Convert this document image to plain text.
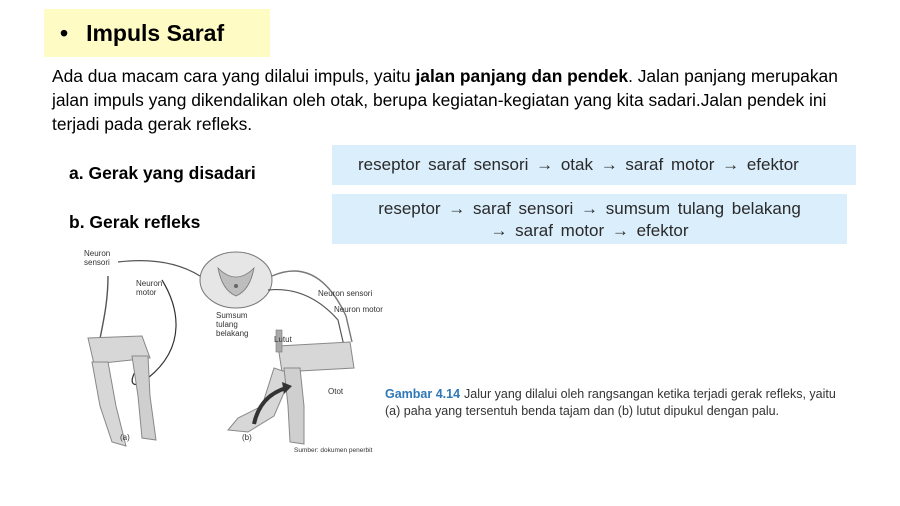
• Impuls Saraf
Ada dua macam cara yang dilalui impuls, yaitu jalan panjang dan pendek. Jalan panjang merupakan jalan impuls yang dikendalikan oleh otak, berupa kegiatan-kegiatan yang kita sadari.Jalan pendek ini terjadi pada gerak refleks.
a. Gerak yang disadari
b. Gerak refleks
reseptor saraf sensori → otak → saraf motor → efektor
reseptor → saraf sensori → sumsum tulang belakang
→ saraf motor → efektor
Neuron
sensori
Neuron
motor
Sumsum
tulang
belakang
Neuron sensori
Neuron motor
Lutut
Otot
(a)	(b)
Sumber: dokumen penerbit
Gambar 4.14 Jalur yang dilalui oleh rangsangan ketika terjadi gerak refleks, yaitu (a) paha yang tersentuh benda tajam dan (b) lutut dipukul dengan palu.
